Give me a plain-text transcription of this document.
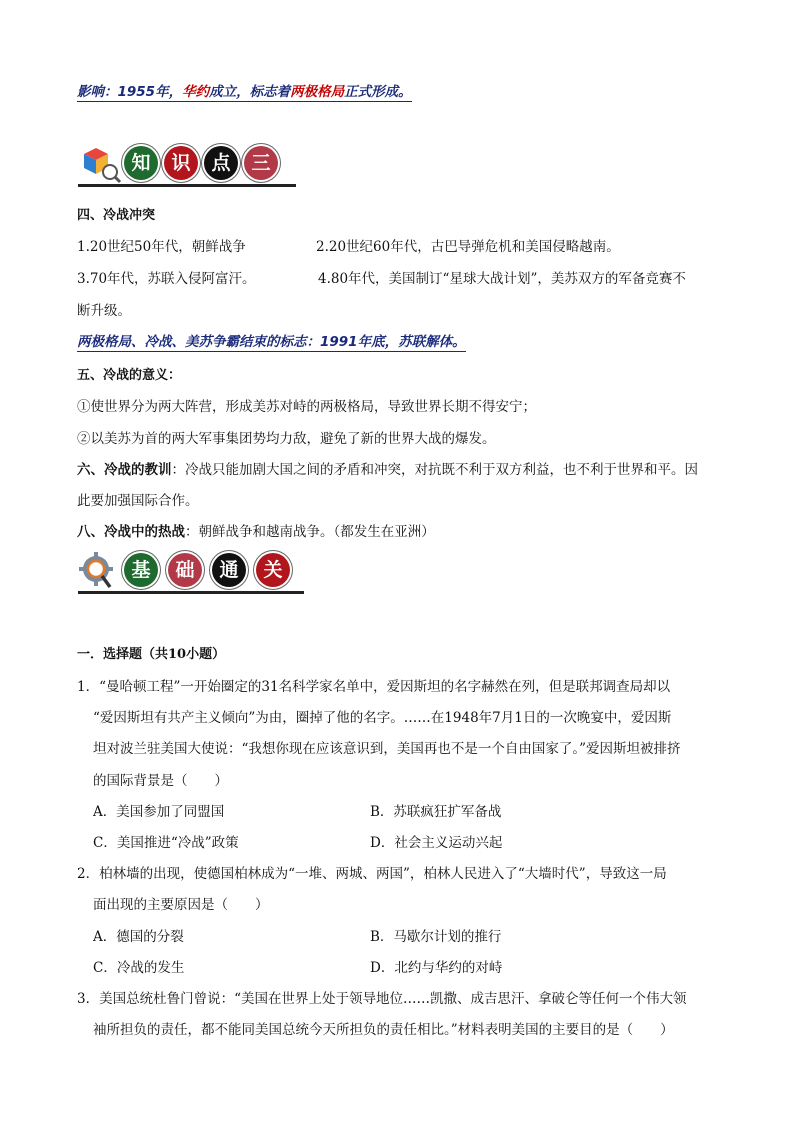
影响：1955年，华约成立，标志着两极格局正式形成。
知	识	点	三
四、冷战冲突
1.20世纪50年代，朝鲜战争	2.20世纪60年代，古巴导弹危机和美国侵略越南。
3.70年代，苏联入侵阿富汗。	4.80年代，美国制订“星球大战计划”，美苏双方的军备竞赛不
断升级。
两极格局、冷战、美苏争霸结束的标志：1991年底，苏联解体。
五、冷战的意义：
①使世界分为两大阵营，形成美苏对峙的两极格局，导致世界长期不得安宁；
②以美苏为首的两大军事集团势均力敌，避免了新的世界大战的爆发。
六、冷战的教训：冷战只能加剧大国之间的矛盾和冲突，对抗既不利于双方利益，也不利于世界和平。因
此要加强国际合作。
八、冷战中的热战：朝鲜战争和越南战争。（都发生在亚洲）
基	础	通	关
一．选择题（共10小题）
1．“曼哈顿工程”一开始圈定的31名科学家名单中，爱因斯坦的名字赫然在列，但是联邦调查局却以
“爱因斯坦有共产主义倾向”为由，圈掉了他的名字。……在1948年7月1日的一次晚宴中，爱因斯
坦对波兰驻美国大使说：“我想你现在应该意识到，美国再也不是一个自由国家了。”爱因斯坦被排挤
的国际背景是（　　）
A．美国参加了同盟国	B．苏联疯狂扩军备战
C．美国推进“冷战”政策	D．社会主义运动兴起
2．柏林墙的出现，使德国柏林成为“一堆、两城、两国”，柏林人民进入了“大墙时代”，导致这一局
面出现的主要原因是（　　）
A．德国的分裂	B．马歇尔计划的推行
C．冷战的发生	D．北约与华约的对峙
3．美国总统杜鲁门曾说：“美国在世界上处于领导地位……凯撒、成吉思汗、拿破仑等任何一个伟大领
袖所担负的责任，都不能同美国总统今天所担负的责任相比。”材料表明美国的主要目的是（　　）
